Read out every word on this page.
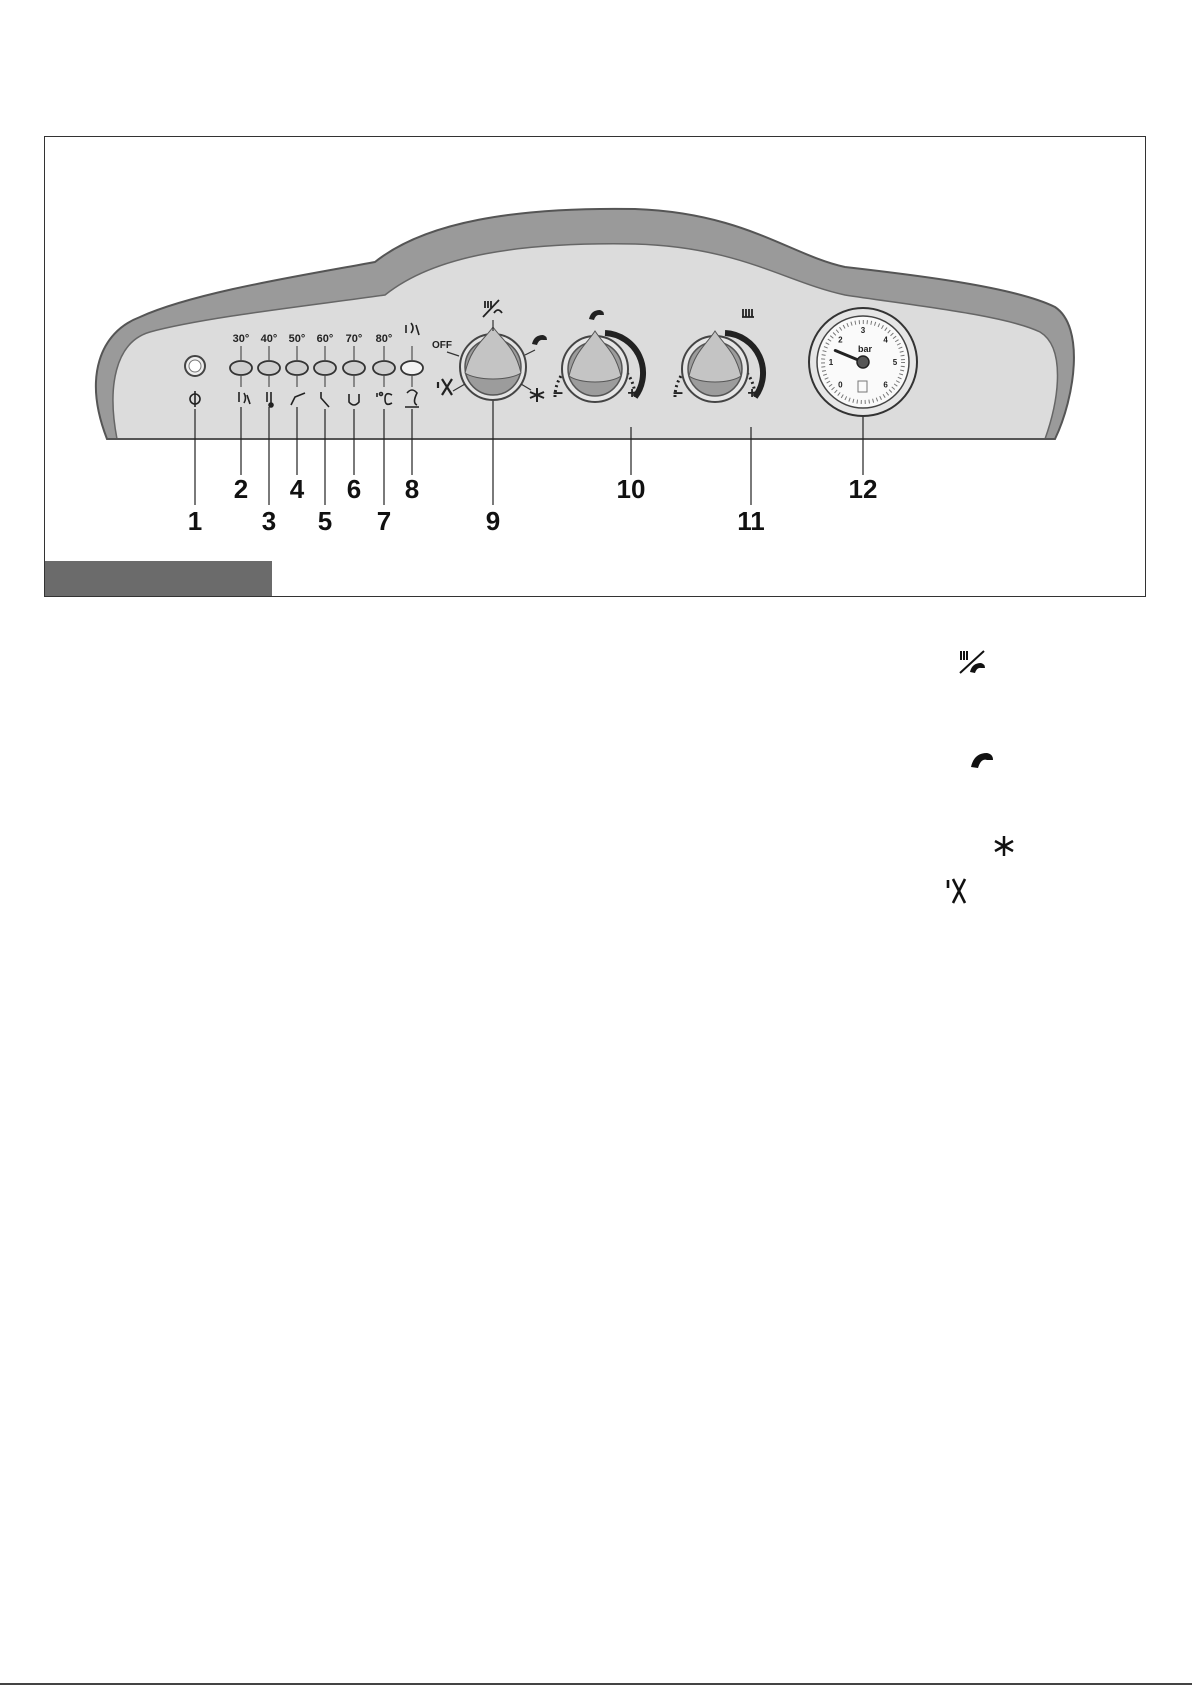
30° 40° 50° 60° 70° 80°
OFF
–	+ –	+	0
1
2
3
4
5
6
bar
1
2
3
4
5
6
7
8
9
10
11
12
